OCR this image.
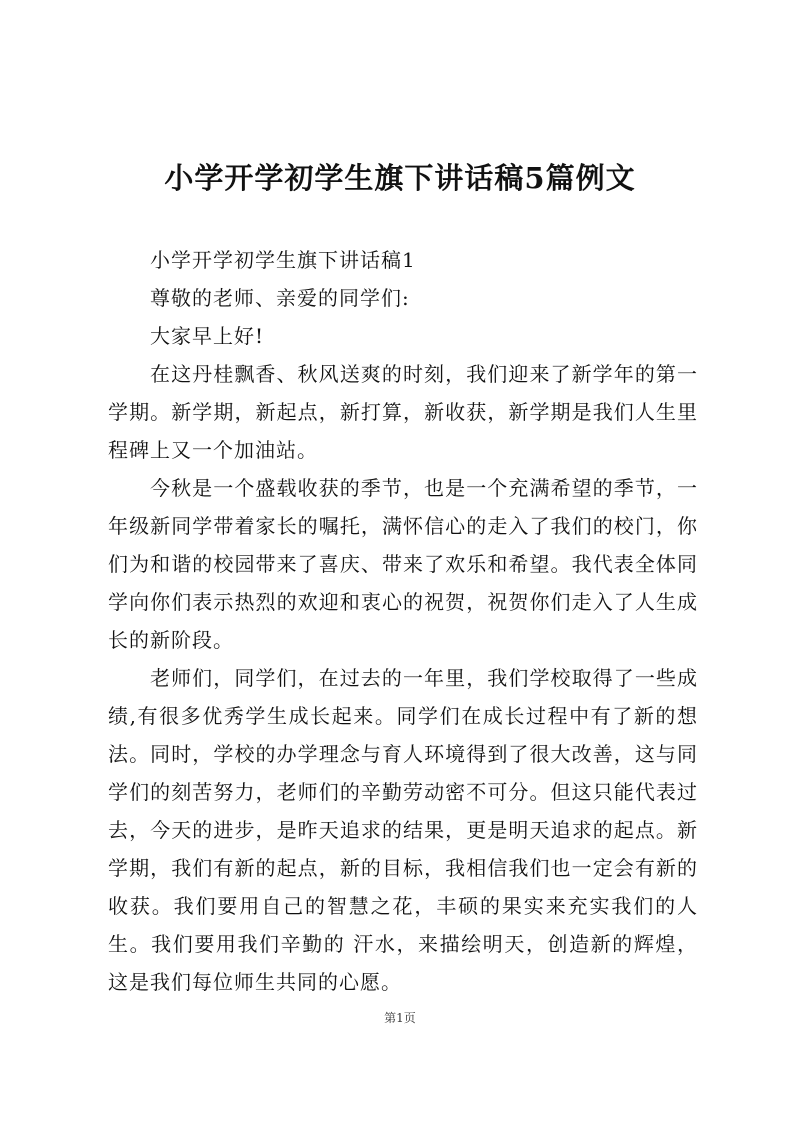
小学开学初学生旗下讲话稿5篇例文

小学开学初学生旗下讲话稿1

尊敬的老师、亲爱的同学们:

大家早上好!

在这丹桂飘香、秋风送爽的时刻，我们迎来了新学年的第一学期。新学期，新起点，新打算，新收获，新学期是我们人生里程碑上又一个加油站。

今秋是一个盛载收获的季节，也是一个充满希望的季节，一年级新同学带着家长的嘱托，满怀信心的走入了我们的校门，你们为和谐的校园带来了喜庆、带来了欢乐和希望。我代表全体同学向你们表示热烈的欢迎和衷心的祝贺，祝贺你们走入了人生成长的新阶段。

老师们，同学们，在过去的一年里，我们学校取得了一些成绩,有很多优秀学生成长起来。同学们在成长过程中有了新的想法。同时，学校的办学理念与育人环境得到了很大改善，这与同学们的刻苦努力，老师们的辛勤劳动密不可分。但这只能代表过去，今天的进步，是昨天追求的结果，更是明天追求的起点。新学期，我们有新的起点，新的目标，我相信我们也一定会有新的收获。我们要用自己的智慧之花，丰硕的果实来充实我们的人生。我们要用我们辛勤的 汗水，来描绘明天，创造新的辉煌，这是我们每位师生共同的心愿。

第1页
